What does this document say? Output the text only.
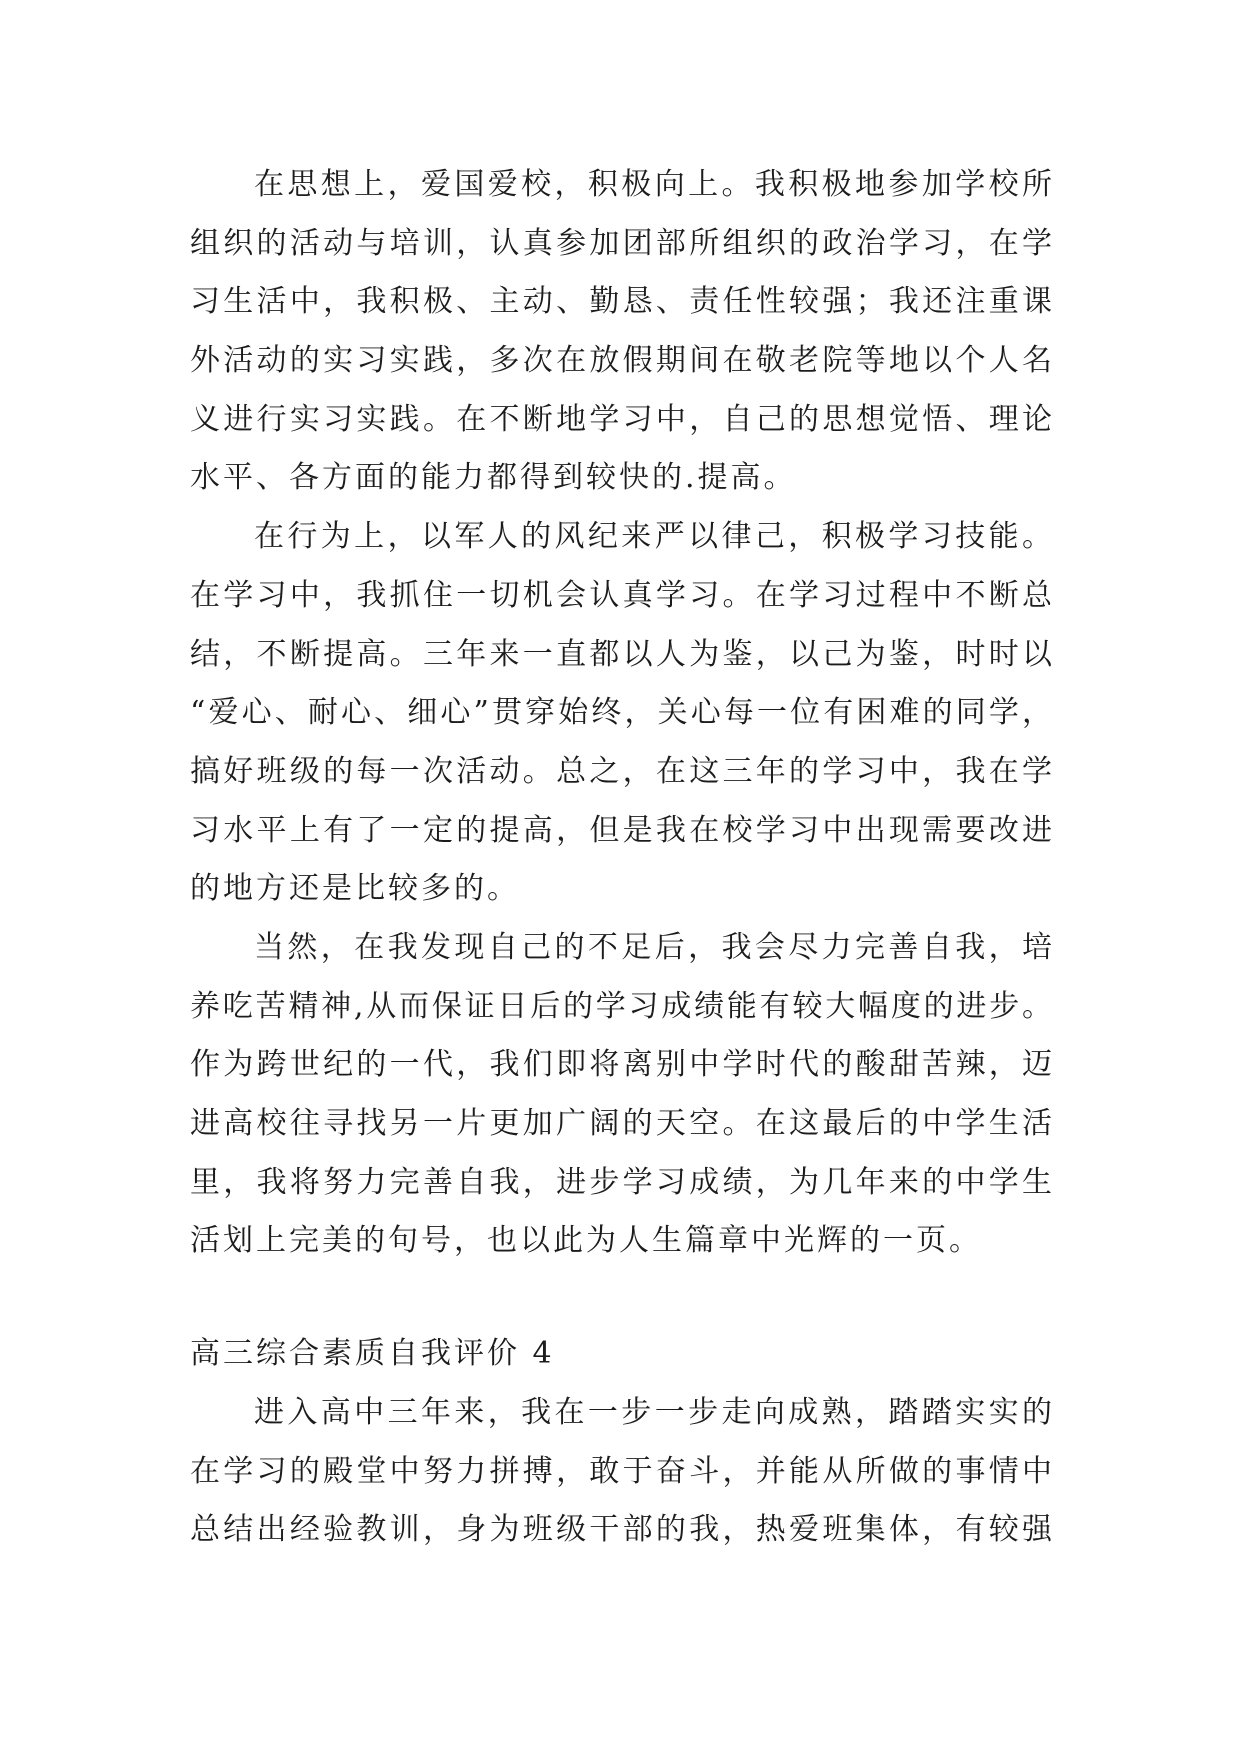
在思想上，爱国爱校，积极向上。我积极地参加学校所
组织的活动与培训，认真参加团部所组织的政治学习，在学
习生活中，我积极、主动、勤恳、责任性较强；我还注重课
外活动的实习实践，多次在放假期间在敬老院等地以个人名
义进行实习实践。在不断地学习中，自己的思想觉悟、理论
水平、各方面的能力都得到较快的.提高。
在行为上，以军人的风纪来严以律己，积极学习技能。
在学习中，我抓住一切机会认真学习。在学习过程中不断总
结，不断提高。三年来一直都以人为鉴，以己为鉴，时时以
“爱心、耐心、细心”贯穿始终，关心每一位有困难的同学，
搞好班级的每一次活动。总之，在这三年的学习中，我在学
习水平上有了一定的提高，但是我在校学习中出现需要改进
的地方还是比较多的。
当然，在我发现自己的不足后，我会尽力完善自我，培
养吃苦精神,从而保证日后的学习成绩能有较大幅度的进步。
作为跨世纪的一代，我们即将离别中学时代的酸甜苦辣，迈
进高校往寻找另一片更加广阔的天空。在这最后的中学生活
里，我将努力完善自我，进步学习成绩，为几年来的中学生
活划上完美的句号，也以此为人生篇章中光辉的一页。
高三综合素质自我评价 4
进入高中三年来，我在一步一步走向成熟，踏踏实实的
在学习的殿堂中努力拼搏，敢于奋斗，并能从所做的事情中
总结出经验教训，身为班级干部的我，热爱班集体，有较强
